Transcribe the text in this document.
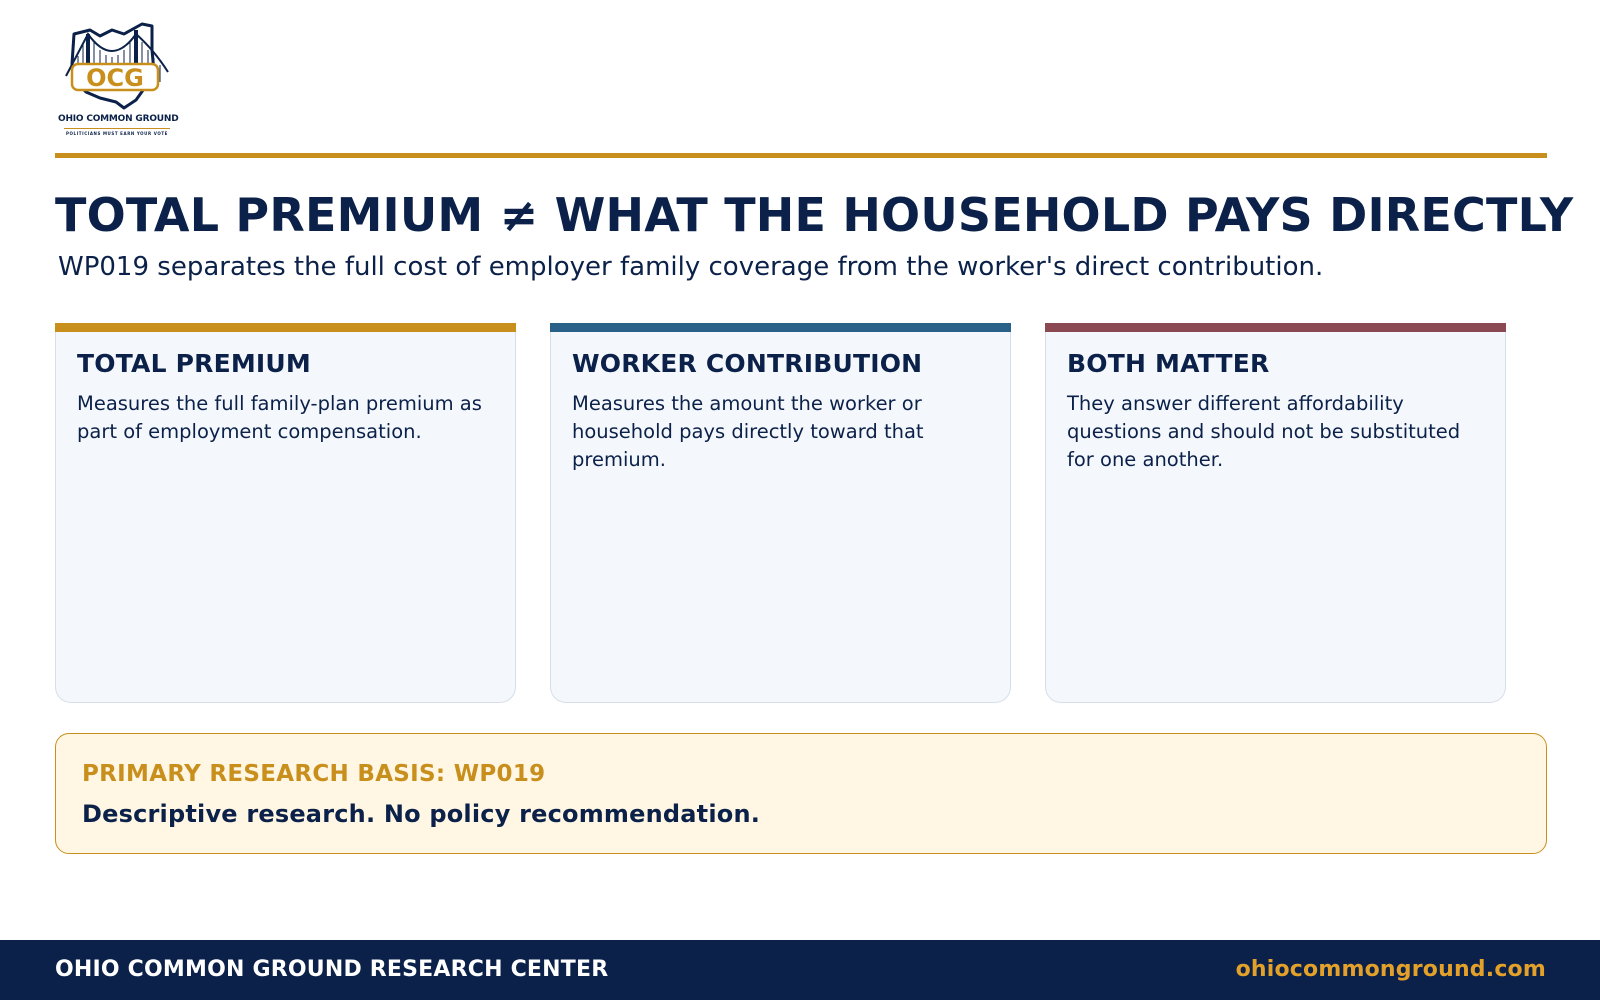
OCG
OHIO COMMON GROUND
POLITICIANS MUST EARN YOUR VOTE
TOTAL PREMIUM ≠ WHAT THE HOUSEHOLD PAYS DIRECTLY

WP019 separates the full cost of employer family coverage from the worker's direct contribution.

TOTAL PREMIUM
Measures the full family-plan premium as part of employment compensation.
WORKER CONTRIBUTION
Measures the amount the worker or household pays directly toward that premium.
BOTH MATTER
They answer different affordability questions and should not be substituted for one another.
PRIMARY RESEARCH BASIS: WP019
Descriptive research. No policy recommendation.
OHIO COMMON GROUND RESEARCH CENTER	ohiocommonground.com
